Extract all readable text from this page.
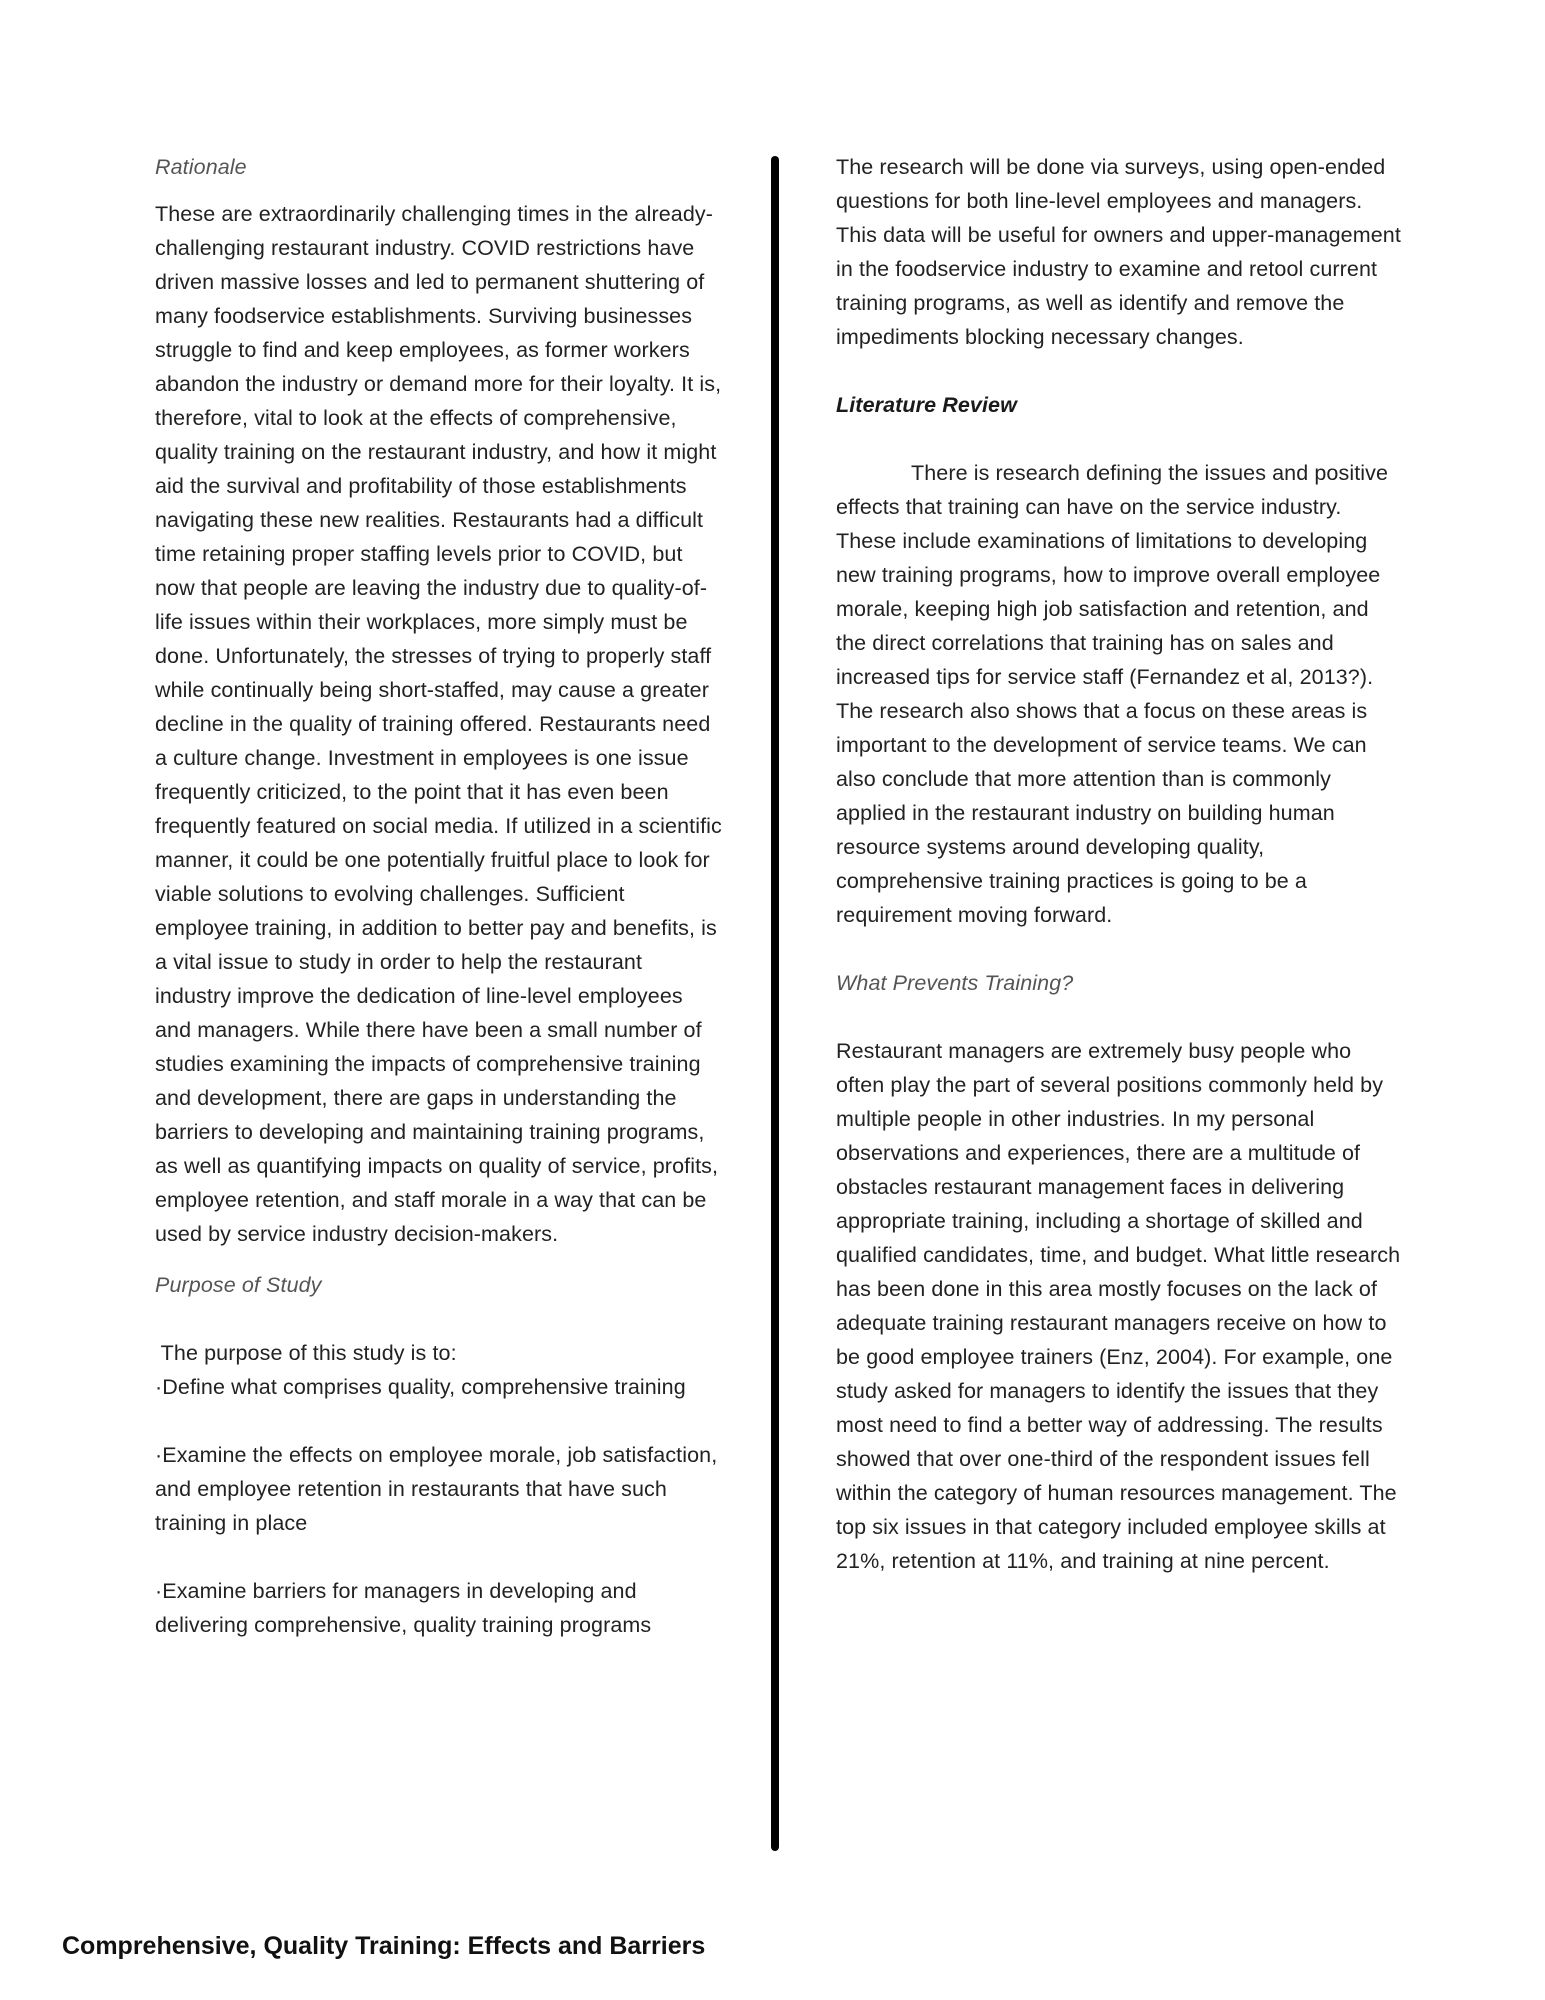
Rationale

These are extraordinarily challenging times in the already-challenging restaurant industry. COVID restrictions have driven massive losses and led to permanent shuttering of many foodservice establishments. Surviving businesses struggle to find and keep employees, as former workers abandon the industry or demand more for their loyalty. It is, therefore, vital to look at the effects of comprehensive, quality training on the restaurant industry, and how it might aid the survival and profitability of those establishments navigating these new realities. Restaurants had a difficult time retaining proper staffing levels prior to COVID, but now that people are leaving the industry due to quality-of-life issues within their workplaces, more simply must be done. Unfortunately, the stresses of trying to properly staff while continually being short-staffed, may cause a greater decline in the quality of training offered. Restaurants need a culture change. Investment in employees is one issue frequently criticized, to the point that it has even been frequently featured on social media. If utilized in a scientific manner, it could be one potentially fruitful place to look for viable solutions to evolving challenges. Sufficient employee training, in addition to better pay and benefits, is a vital issue to study in order to help the restaurant industry improve the dedication of line-level employees and managers. While there have been a small number of studies examining the impacts of comprehensive training and development, there are gaps in understanding the barriers to developing and maintaining training programs, as well as quantifying impacts on quality of service, profits, employee retention, and staff morale in a way that can be used by service industry decision-makers.

Purpose of Study

The purpose of this study is to:

·Define what comprises quality, comprehensive training

·Examine the effects on employee morale, job satisfaction, and employee retention in restaurants that have such training in place

·Examine barriers for managers in developing and delivering comprehensive, quality training programs

The research will be done via surveys, using open-ended questions for both line-level employees and managers. This data will be useful for owners and upper-management in the foodservice industry to examine and retool current training programs, as well as identify and remove the impediments blocking necessary changes.

Literature Review

There is research defining the issues and positive effects that training can have on the service industry. These include examinations of limitations to developing new training programs, how to improve overall employee morale, keeping high job satisfaction and retention, and the direct correlations that training has on sales and increased tips for service staff (Fernandez et al, 2013?). The research also shows that a focus on these areas is important to the development of service teams. We can also conclude that more attention than is commonly applied in the restaurant industry on building human resource systems around developing quality, comprehensive training practices is going to be a requirement moving forward.

What Prevents Training?

Restaurant managers are extremely busy people who often play the part of several positions commonly held by multiple people in other industries. In my personal observations and experiences, there are a multitude of obstacles restaurant management faces in delivering appropriate training, including a shortage of skilled and qualified candidates, time, and budget. What little research has been done in this area mostly focuses on the lack of adequate training restaurant managers receive on how to be good employee trainers (Enz, 2004). For example, one study asked for managers to identify the issues that they most need to find a better way of addressing. The results showed that over one-third of the respondent issues fell within the category of human resources management. The top six issues in that category included employee skills at 21%, retention at 11%, and training at nine percent.

Comprehensive, Quality Training: Effects and Barriers
